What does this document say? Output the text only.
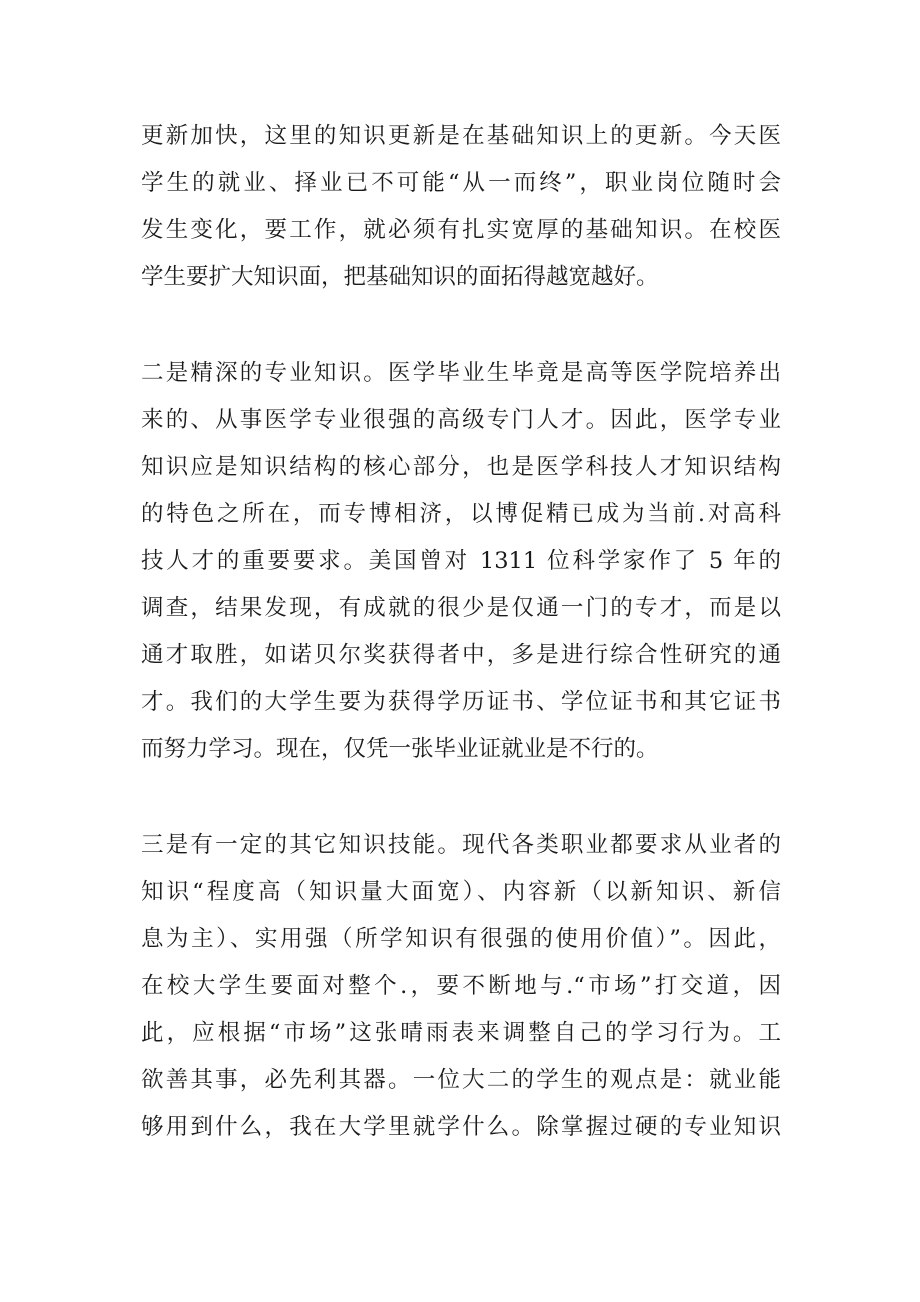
更新加快，这里的知识更新是在基础知识上的更新。今天医
学生的就业、择业已不可能“从一而终”，职业岗位随时会
发生变化，要工作，就必须有扎实宽厚的基础知识。在校医
学生要扩大知识面，把基础知识的面拓得越宽越好。
二是精深的专业知识。医学毕业生毕竟是高等医学院培养出
来的、从事医学专业很强的高级专门人才。因此，医学专业
知识应是知识结构的核心部分，也是医学科技人才知识结构
的特色之所在，而专博相济，以博促精已成为当前.对高科
技人才的重要要求。美国曾对 1311 位科学家作了 5 年的
调查，结果发现，有成就的很少是仅通一门的专才，而是以
通才取胜，如诺贝尔奖获得者中，多是进行综合性研究的通
才。我们的大学生要为获得学历证书、学位证书和其它证书
而努力学习。现在，仅凭一张毕业证就业是不行的。
三是有一定的其它知识技能。现代各类职业都要求从业者的
知识“程度高（知识量大面宽）、内容新（以新知识、新信
息为主）、实用强（所学知识有很强的使用价值）”。因此，
在校大学生要面对整个.，要不断地与.“市场”打交道，因
此，应根据“市场”这张晴雨表来调整自己的学习行为。工
欲善其事，必先利其器。一位大二的学生的观点是：就业能
够用到什么，我在大学里就学什么。除掌握过硬的专业知识
